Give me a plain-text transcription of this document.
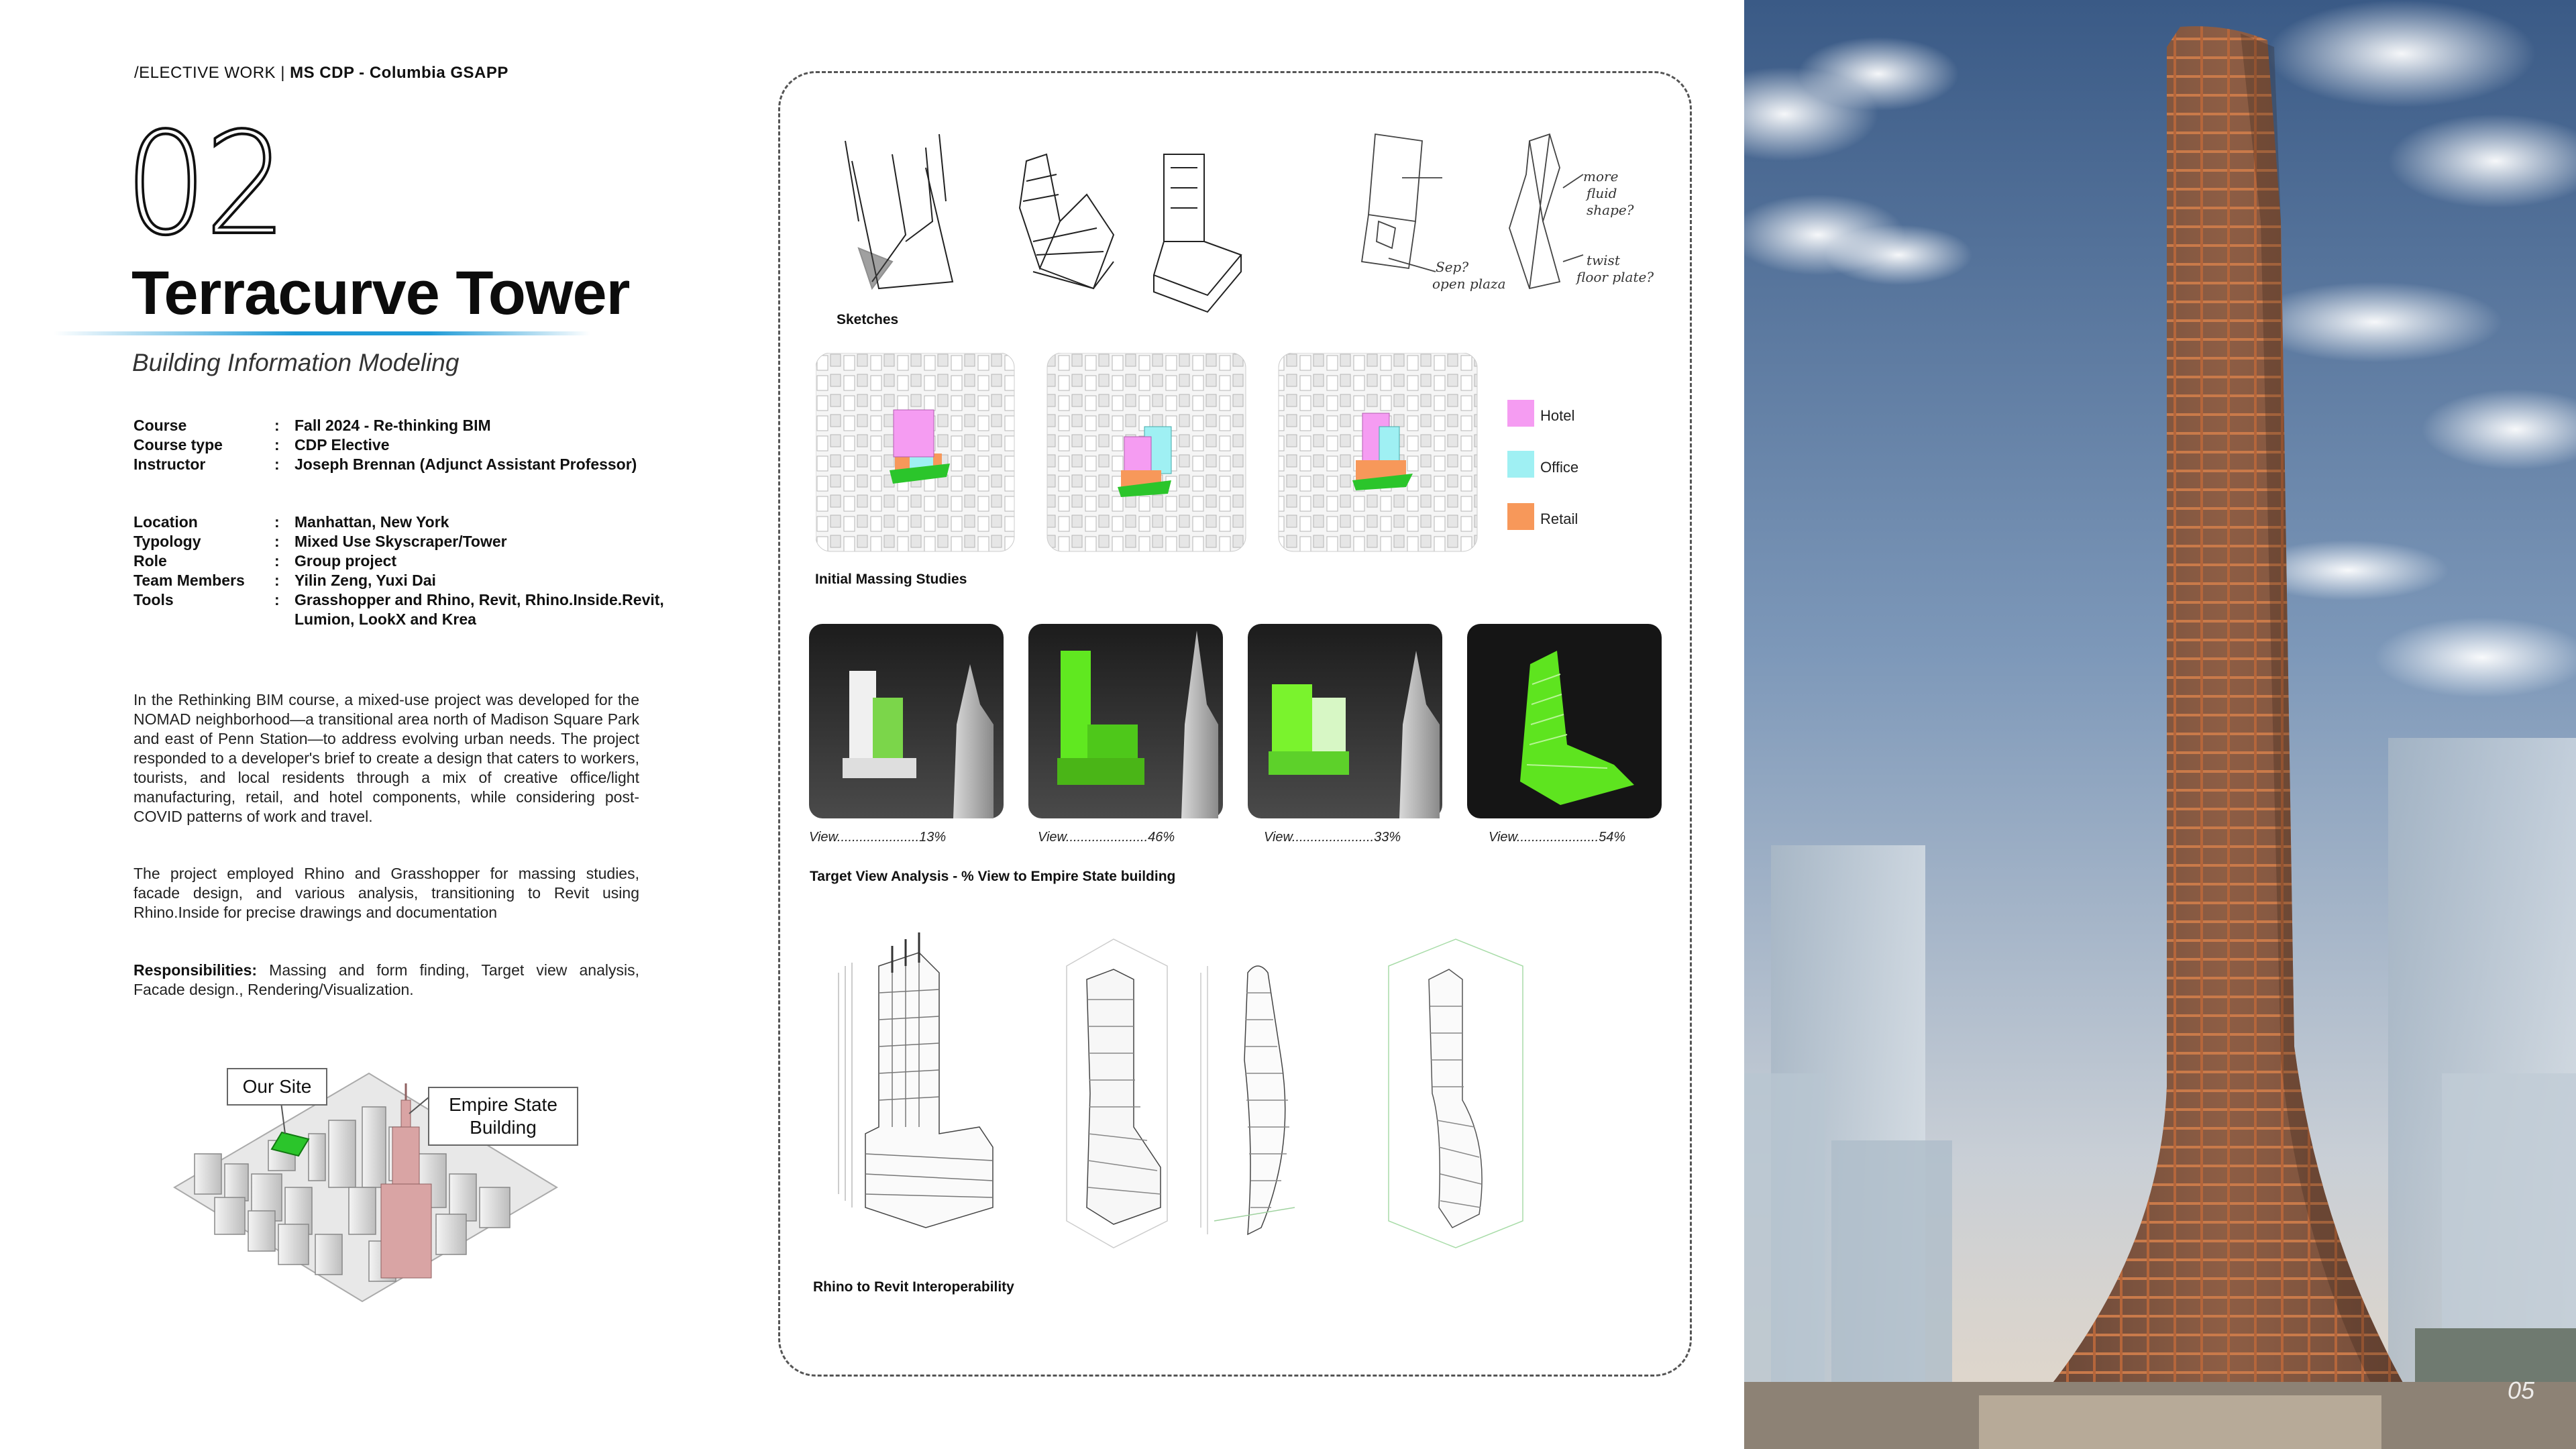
/ELECTIVE WORK | MS CDP - Columbia GSAPP
02
Terracurve Tower
Building Information Modeling
Course	: Fall 2024 - Re-thinking BIM
Course type	: CDP Elective
Instructor	: Joseph Brennan (Adjunct Assistant Professor)
Location	: Manhattan, New York
Typology	: Mixed Use Skyscraper/Tower
Role	: Group project
Team Members	: Yilin Zeng, Yuxi Dai
Tools	: Grasshopper and Rhino, Revit, Rhino.Inside.Revit,
Lumion, LookX and Krea
In the Rethinking BIM course, a mixed-use project was developed for the NOMAD neighborhood—a transitional area north of Madison Square Park and east of Penn Station—to address evolving urban needs. The project responded to a developer's brief to create a design that caters to workers, tourists, and local residents through a mix of creative office/light manufacturing, retail, and hotel components, while considering post-COVID patterns of work and travel.
The project employed Rhino and Grasshopper for massing studies, facade design, and various analysis, transitioning to Revit using Rhino.Inside for precise drawings and documentation
Responsibilities: Massing and form finding, Target view analysis, Facade design., Rendering/Visualization.
Our Site
Empire State
Building
more
fluid
shape?
twist
floor plate?
Sep?
open plaza
Sketches
Hotel
Office
Retail
Initial Massing Studies
View......................13%	View......................46%	View......................33%	View......................54%
Target View Analysis - % View to Empire State building
Rhino to Revit Interoperability
05
